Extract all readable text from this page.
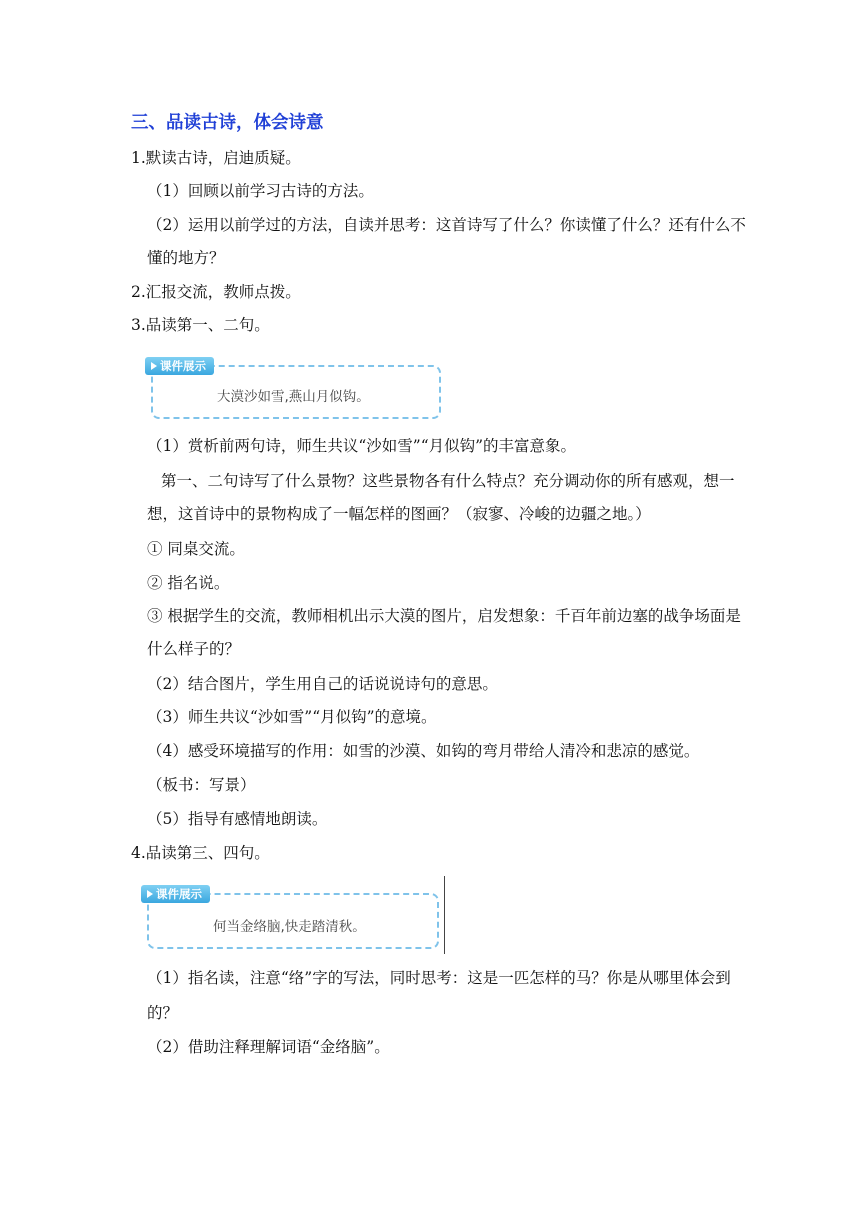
三、品读古诗，体会诗意
1.默读古诗，启迪质疑。
（1）回顾以前学习古诗的方法。
（2）运用以前学过的方法，自读并思考：这首诗写了什么？你读懂了什么？还有什么不
懂的地方？
2.汇报交流，教师点拨。
3.品读第一、二句。
课件展示
大漠沙如雪,燕山月似钩。
（1）赏析前两句诗，师生共议“沙如雪”“月似钩”的丰富意象。
第一、二句诗写了什么景物？这些景物各有什么特点？充分调动你的所有感观，想一
想，这首诗中的景物构成了一幅怎样的图画？（寂寥、冷峻的边疆之地。）
① 同桌交流。
② 指名说。
③ 根据学生的交流，教师相机出示大漠的图片，启发想象：千百年前边塞的战争场面是
什么样子的？
（2）结合图片，学生用自己的话说说诗句的意思。
（3）师生共议“沙如雪”“月似钩”的意境。
（4）感受环境描写的作用：如雪的沙漠、如钩的弯月带给人清冷和悲凉的感觉。
（板书：写景）
（5）指导有感情地朗读。
4.品读第三、四句。
课件展示
何当金络脑,快走踏清秋。
（1）指名读，注意“络”字的写法，同时思考：这是一匹怎样的马？你是从哪里体会到
的？
（2）借助注释理解词语“金络脑”。
